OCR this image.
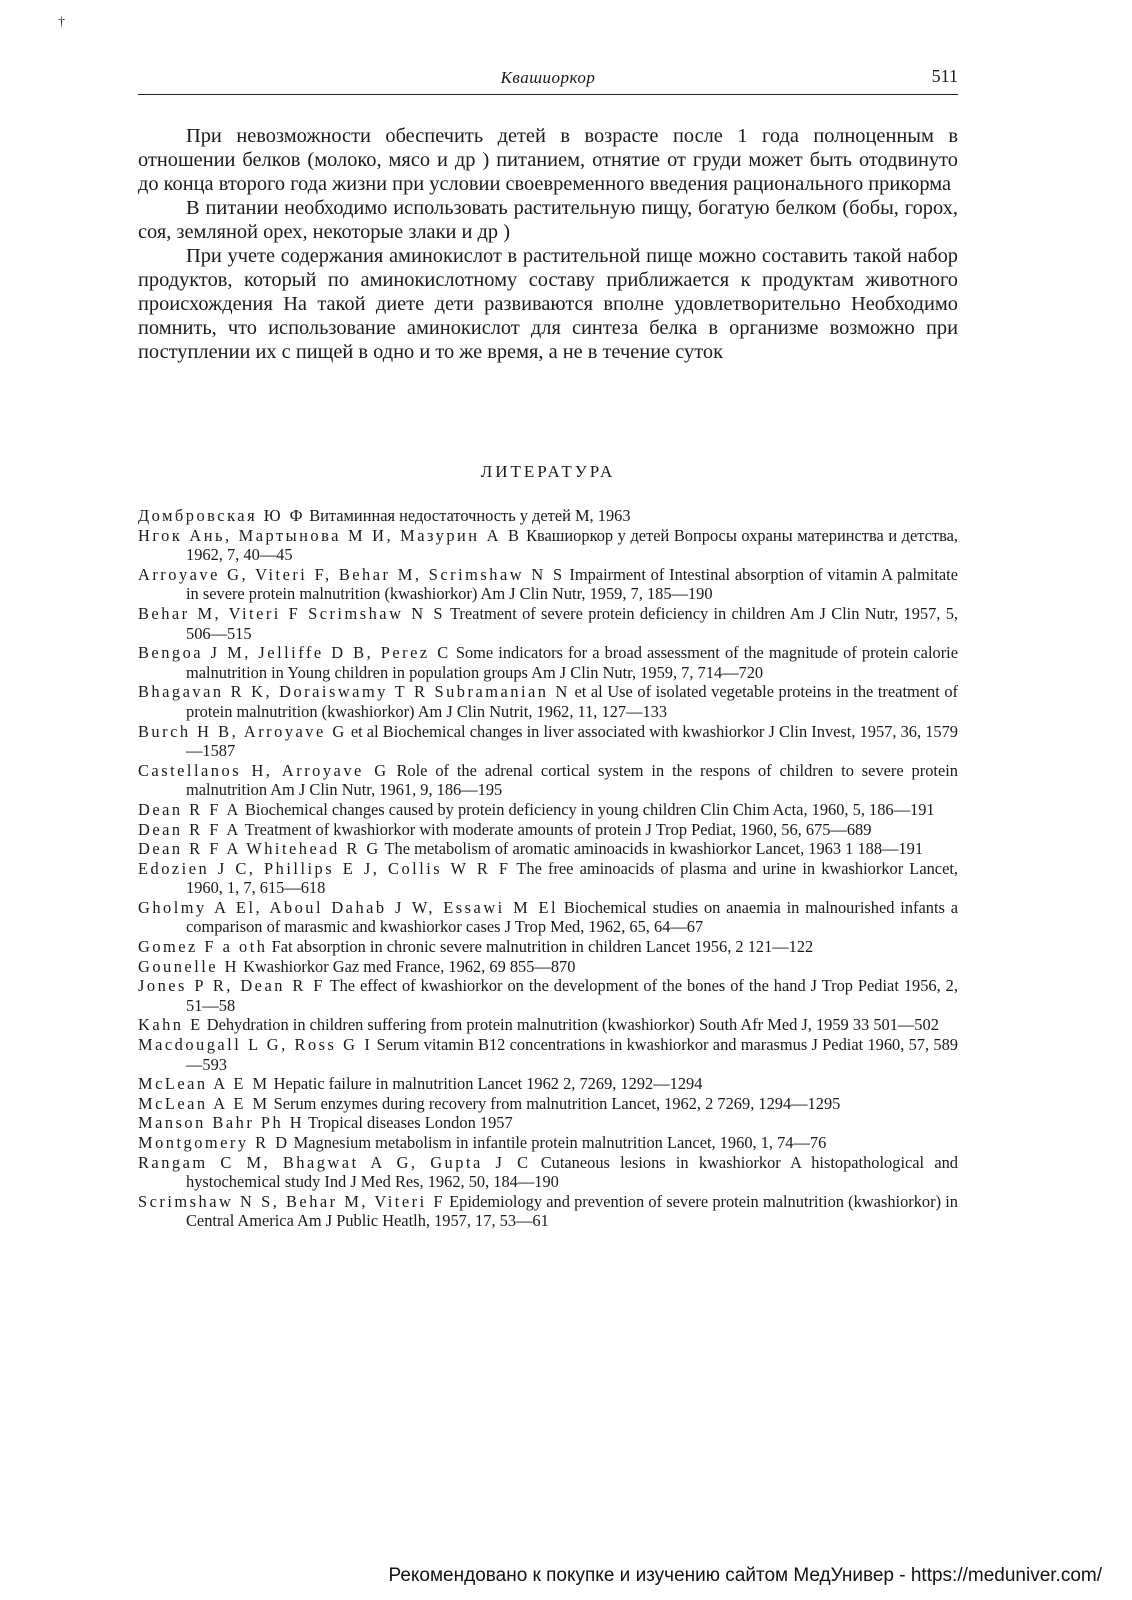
†
Квашиоркор	511

При невозможности обеспечить детей в возрасте после 1 года полноценным в отношении белков (молоко, мясо и др ) питанием, отнятие от груди может быть отодвинуто до конца второго года жизни при условии своевременного введения рационального прикорма

В питании необходимо использовать растительную пищу, богатую белком (бобы, горох, соя, земляной орех, некоторые злаки и др )

При учете содержания аминокислот в растительной пище можно составить такой набор продуктов, который по аминокислотному составу приближается к продуктам животного происхождения На такой диете дети развиваются вполне удовлетворительно Необходимо помнить, что использование аминокислот для синтеза белка в организме возможно при поступлении их с пищей в одно и то же время, а не в течение суток

ЛИТЕРАТУРА

Домбровская Ю Ф Витаминная недостаточность у детей М, 1963

Нгок Ань, Мартынова М И, Мазурин А В Квашиоркор у детей Вопросы охраны материнства и детства, 1962, 7, 40—45

Arroyave G, Viteri F, Behar M, Scrimshaw N S Impairment of Intestinal absorption of vitamin A palmitate in severe protein malnutrition (kwashiorkor) Am J Clin Nutr, 1959, 7, 185—190

Behar M, Viteri F Scrimshaw N S Treatment of severe protein deficiency in children Am J Clin Nutr, 1957, 5, 506—515

Bengoa J M, Jelliffe D B, Perez C Some indicators for a broad assessment of the magnitude of protein calorie malnutrition in Young children in population groups Am J Clin Nutr, 1959, 7, 714—720

Bhagavan R K, Doraiswamy T R Subramanian N et al Use of isolated vegetable proteins in the treatment of protein malnutrition (kwashiorkor) Am J Clin Nutrit, 1962, 11, 127—133

Burch H B, Arroyave G et al Biochemical changes in liver associated with kwashiorkor J Clin Invest, 1957, 36, 1579—1587

Castellanos H, Arroyave G Role of the adrenal cortical system in the respons of children to severe protein malnutrition Am J Clin Nutr, 1961, 9, 186—195

Dean R F A Biochemical changes caused by protein deficiency in young children Clin Chim Acta, 1960, 5, 186—191

Dean R F A Treatment of kwashiorkor with moderate amounts of protein J Trop Pediat, 1960, 56, 675—689

Dean R F A Whitehead R G The metabolism of aromatic aminoacids in kwashiorkor Lancet, 1963 1 188—191

Edozien J C, Phillips E J, Collis W R F The free aminoacids of plasma and urine in kwashiorkor Lancet, 1960, 1, 7, 615—618

Gholmy A El, Aboul Dahab J W, Essawi M El Biochemical studies on anaemia in malnourished infants a comparison of marasmic and kwashiorkor cases J Trop Med, 1962, 65, 64—67

Gomez F a oth Fat absorption in chronic severe malnutrition in children Lancet 1956, 2 121—122

Gounelle H Kwashiorkor Gaz med France, 1962, 69 855—870

Jones P R, Dean R F The effect of kwashiorkor on the development of the bones of the hand J Trop Pediat 1956, 2, 51—58

Kahn E Dehydration in children suffering from protein malnutrition (kwashiorkor) South Afr Med J, 1959 33 501—502

Macdougall L G, Ross G I Serum vitamin B12 concentrations in kwashiorkor and marasmus J Pediat 1960, 57, 589—593

McLean A E M Hepatic failure in malnutrition Lancet 1962 2, 7269, 1292—1294

McLean A E M Serum enzymes during recovery from malnutrition Lancet, 1962, 2 7269, 1294—1295

Manson Bahr Ph H Tropical diseases London 1957

Montgomery R D Magnesium metabolism in infantile protein malnutrition Lancet, 1960, 1, 74—76

Rangam C M, Bhagwat A G, Gupta J C Cutaneous lesions in kwashiorkor A histopathological and hystochemical study Ind J Med Res, 1962, 50, 184—190

Scrimshaw N S, Behar M, Viteri F Epidemiology and prevention of severe protein malnutrition (kwashiorkor) in Central America Am J Public Heatlh, 1957, 17, 53—61

Рекомендовано к покупке и изучению сайтом МедУнивер - https://meduniver.com/
